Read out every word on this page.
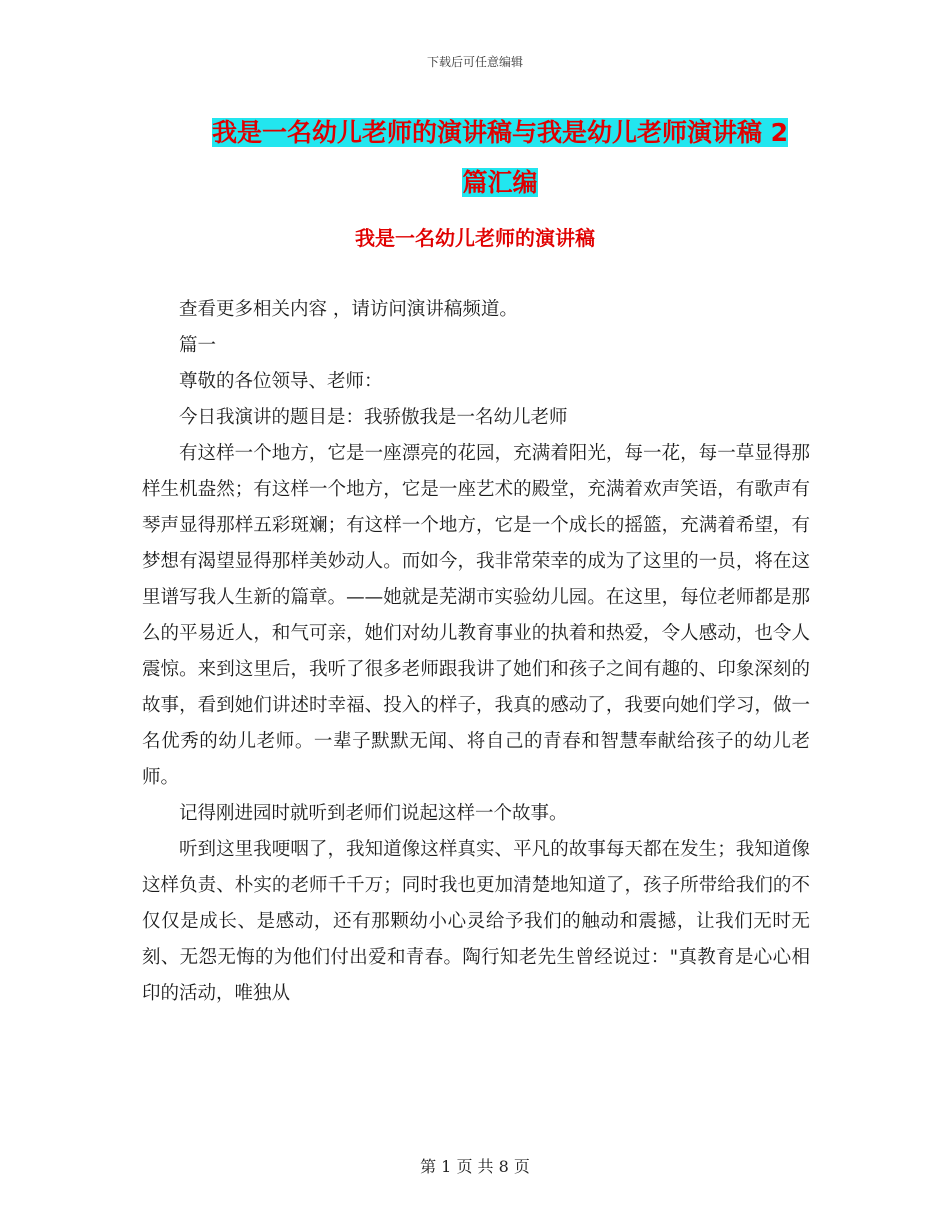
下载后可任意编辑
我是一名幼儿老师的演讲稿与我是幼儿老师演讲稿 2
篇汇编
我是一名幼儿老师的演讲稿

查看更多相关内容 ，请访问演讲稿频道。

篇一

尊敬的各位领导、老师：

今日我演讲的题目是：我骄傲我是一名幼儿老师

有这样一个地方，它是一座漂亮的花园，充满着阳光，每一花，每一草显得那样生机盎然；有这样一个地方，它是一座艺术的殿堂，充满着欢声笑语，有歌声有琴声显得那样五彩斑斓；有这样一个地方，它是一个成长的摇篮，充满着希望，有梦想有渴望显得那样美妙动人。而如今，我非常荣幸的成为了这里的一员，将在这里谱写我人生新的篇章。——她就是芜湖市实验幼儿园。在这里，每位老师都是那么的平易近人，和气可亲，她们对幼儿教育事业的执着和热爱，令人感动，也令人震惊。来到这里后，我听了很多老师跟我讲了她们和孩子之间有趣的、印象深刻的故事，看到她们讲述时幸福、投入的样子，我真的感动了，我要向她们学习，做一名优秀的幼儿老师。一辈子默默无闻、将自己的青春和智慧奉献给孩子的幼儿老师。

记得刚进园时就听到老师们说起这样一个故事。

听到这里我哽咽了，我知道像这样真实、平凡的故事每天都在发生；我知道像这样负责、朴实的老师千千万；同时我也更加清楚地知道了，孩子所带给我们的不仅仅是成长、是感动，还有那颗幼小心灵给予我们的触动和震撼，让我们无时无刻、无怨无悔的为他们付出爱和青春。陶行知老先生曾经说过："真教育是心心相印的活动，唯独从

第 1 页 共 8 页
